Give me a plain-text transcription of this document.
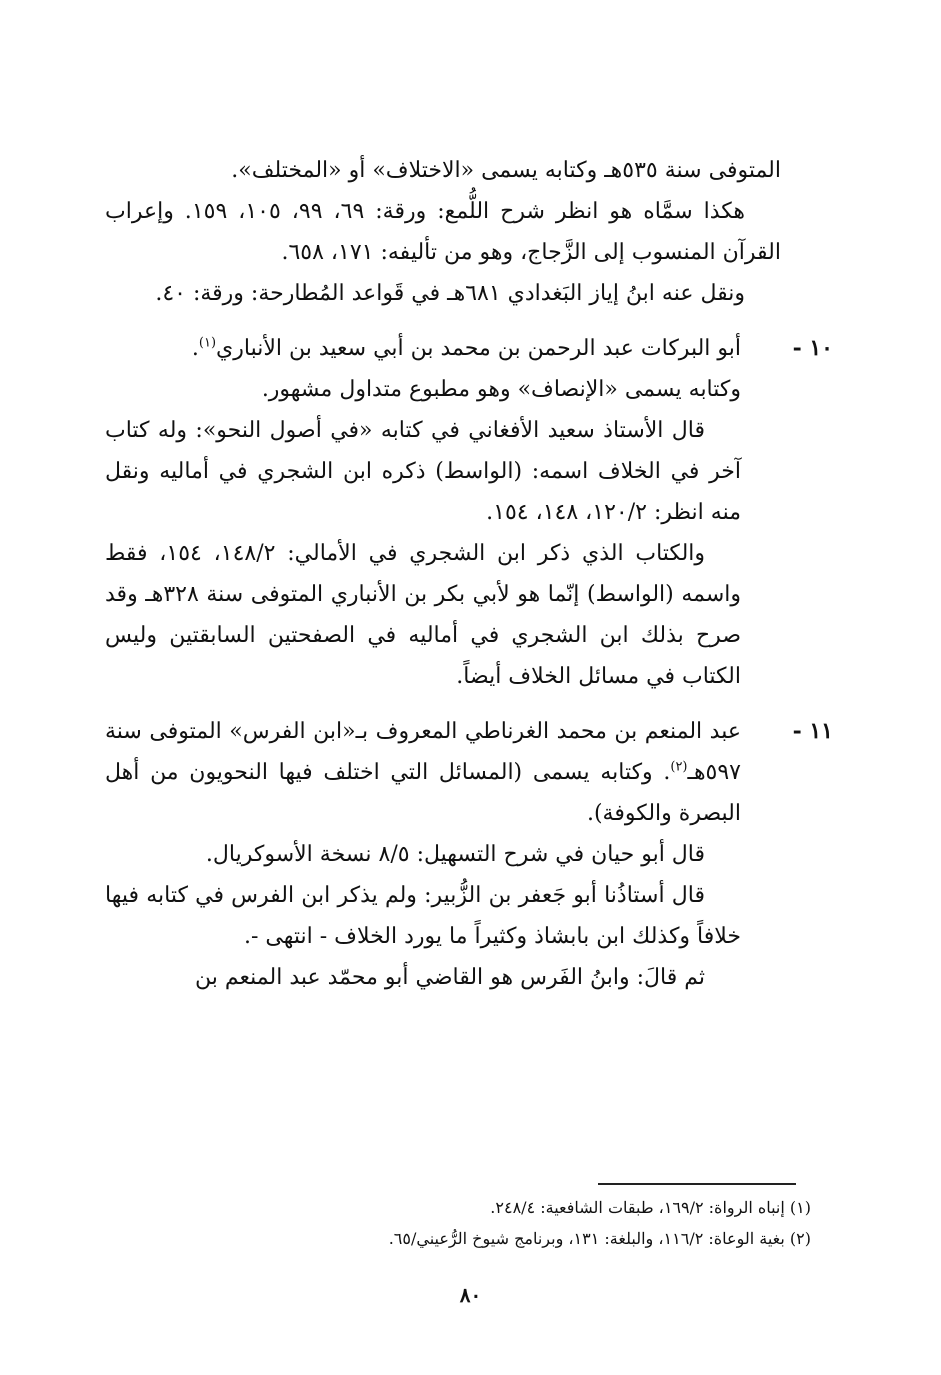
المتوفى سنة ٥٣٥هـ وكتابه يسمى «الاختلاف» أو «المختلف».

هكذا سمَّاه هو انظر شرح اللُّمع: ورقة: ٦٩، ٩٩، ١٠٥، ١٥٩. وإعراب القرآن المنسوب إلى الزَّجاج، وهو من تأليفه: ١٧١، ٦٥٨.

ونقل عنه ابنُ إياز البَغدادي ٦٨١هـ في قَواعد المُطارحة: ورقة: ٤٠.

١٠ -

أبو البركات عبد الرحمن بن محمد بن أبي سعيد بن الأنباري$^{(١)}$.

وكتابه يسمى «الإنصاف» وهو مطبوع متداول مشهور.

قال الأستاذ سعيد الأفغاني في كتابه «في أصول النحو»: وله كتاب آخر في الخلاف اسمه: (الواسط) ذكره ابن الشجري في أماليه ونقل منه انظر: ١٢٠/٢، ١٤٨، ١٥٤.

والكتاب الذي ذكر ابن الشجري في الأمالي: ١٤٨/٢، ١٥٤، فقط واسمه (الواسط) إنّما هو لأبي بكر بن الأنباري المتوفى سنة ٣٢٨هـ وقد صرح بذلك ابن الشجري في أماليه في الصفحتين السابقتين وليس الكتاب في مسائل الخلاف أيضاً.

١١ -

عبد المنعم بن محمد الغرناطي المعروف بـ«ابن الفرس» المتوفى سنة ٥٩٧هـ$^{(٢)}$. وكتابه يسمى (المسائل التي اختلف فيها النحويون من أهل البصرة والكوفة).

قال أبو حيان في شرح التسهيل: ٨/٥ نسخة الأسوكريال.

قال أستاذُنا أبو جَعفر بن الزُّبير: ولم يذكر ابن الفرس في كتابه فيها خلافاً وكذلك ابن بابشاذ وكثيراً ما يورد الخلاف - انتهى -.

ثم قالَ: وابنُ الفَرس هو القاضي أبو محمّد عبد المنعم بن

(١) إنباه الرواة: ١٦٩/٢، طبقات الشافعية: ٢٤٨/٤.

(٢) بغية الوعاة: ١١٦/٢، والبلغة: ١٣١، وبرنامج شيوخ الرُّعيني/٦٥.

٨٠
